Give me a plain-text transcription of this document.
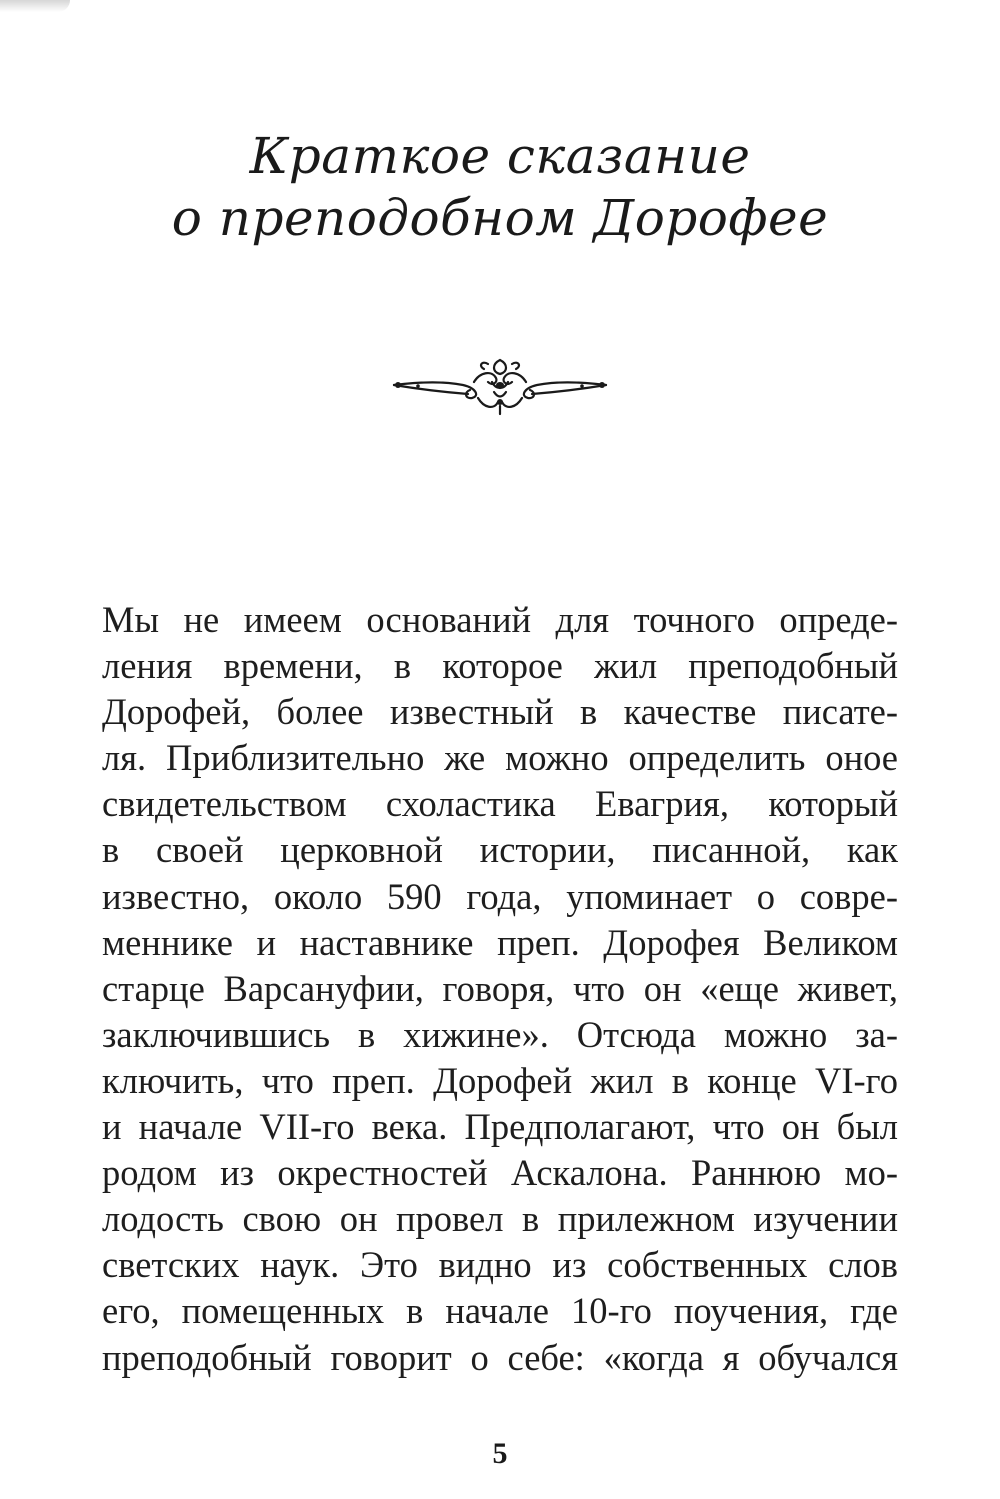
Краткое сказание
о преподобном Дорофее
Мы не имеем оснований для точного опреде-
ления времени, в которое жил преподобный
Дорофей, более известный в качестве писате-
ля. Приблизительно же можно определить оное
свидетельством схоластика Евагрия, который
в своей церковной истории, писанной, как
известно, около 590 года, упоминает о совре-
меннике и наставнике преп. Дорофея Великом
старце Варсануфии, говоря, что он «еще живет,
заключившись в хижине». Отсюда можно за-
ключить, что преп. Дорофей жил в конце VI-го
и начале VII-го века. Предполагают, что он был
родом из окрестностей Аскалона. Раннюю мо-
лодость свою он провел в прилежном изучении
светских наук. Это видно из собственных слов
его, помещенных в начале 10-го поучения, где
преподобный говорит о себе: «когда я обучался
5
